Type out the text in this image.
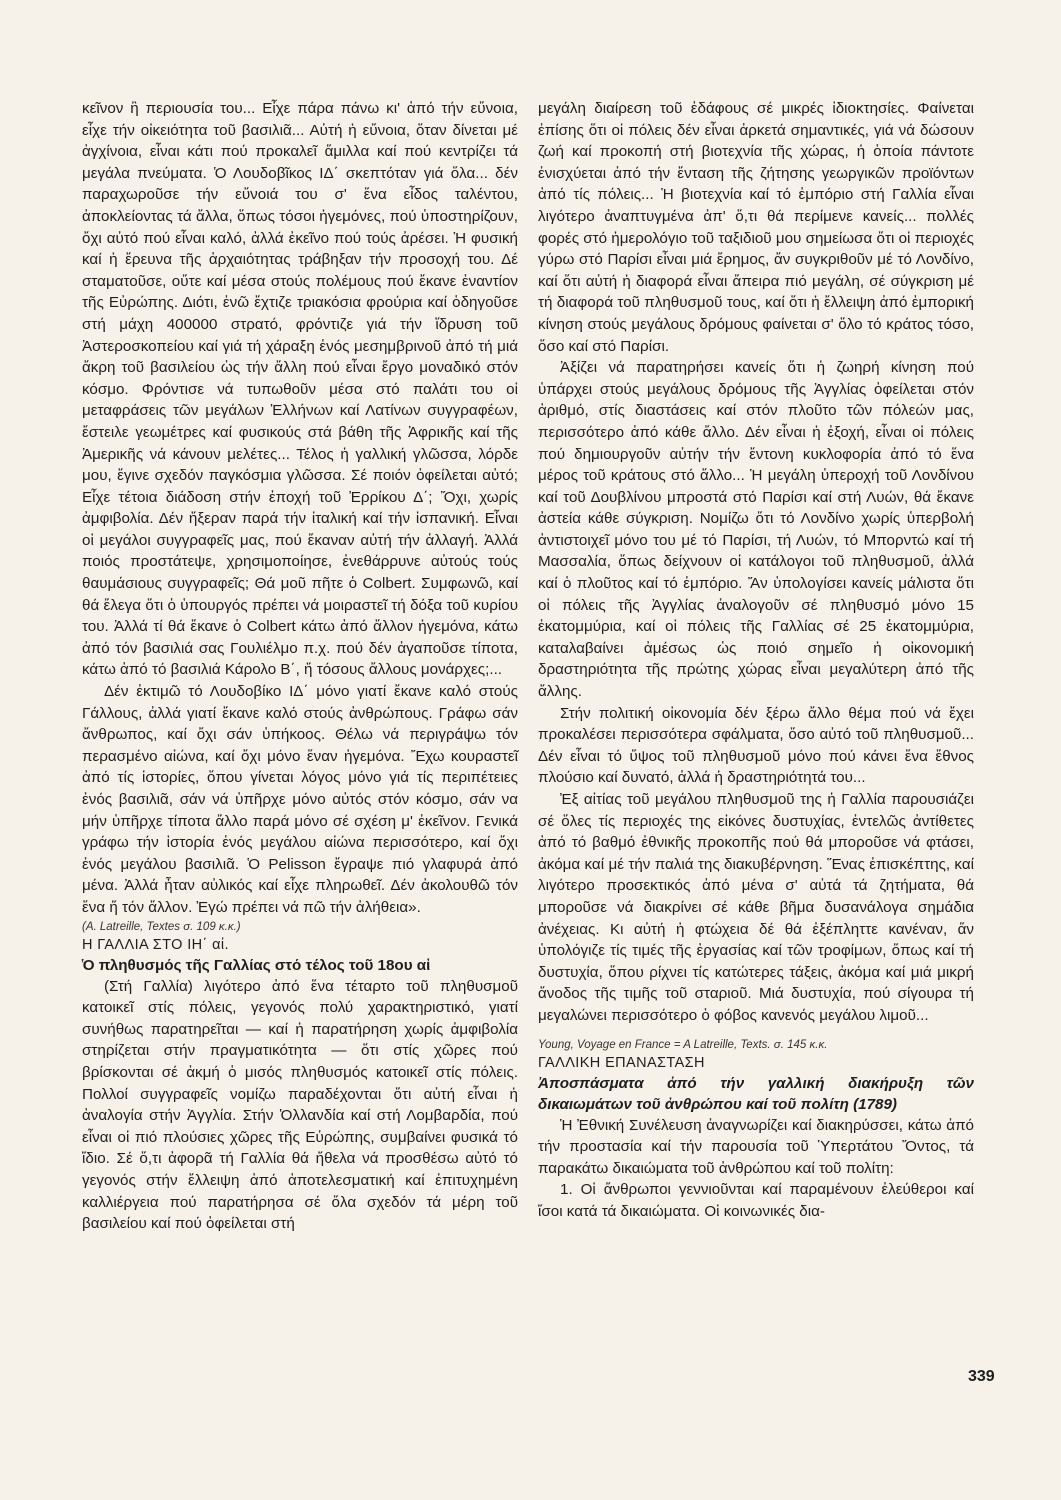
κεῖνον ἢ περιουσία του... Εἶχε πάρα πάνω κι' ἀπό τήν εὔνοια, εἶχε τήν οἰκειότητα τοῦ βασιλιᾶ... Αὐτή ἡ εὔνοια, ὅταν δίνεται μέ ἀγχίνοια, εἶναι κάτι πού προκαλεῖ ἅμιλλα καί πού κεντρίζει τά μεγάλα πνεύματα. Ὁ Λουδοβῖκος ΙΔ΄ σκεπτόταν γιά ὅλα... δέν παραχωροῦσε τήν εὔνοιά του σ' ἕνα εἶδος ταλέντου, ἀποκλείοντας τά ἄλλα, ὅπως τόσοι ἡγεμόνες, πού ὑποστηρίζουν, ὄχι αὐτό πού εἶναι καλό, ἀλλά ἐκεῖνο πού τούς ἀρέσει. Ἡ φυσική καί ἡ ἔρευνα τῆς ἀρχαιότητας τράβηξαν τήν προσοχή του. Δέ σταματοῦσε, οὔτε καί μέσα στούς πολέμους πού ἔκανε ἐναντίον τῆς Εὐρώπης. Διότι, ἐνῶ ἔχτιζε τριακόσια φρούρια καί ὁδηγοῦσε στή μάχη 400000 στρατό, φρόντιζε γιά τήν ἵδρυση τοῦ Ἀστεροσκοπείου καί γιά τή χάραξη ἑνός μεσημβρινοῦ ἀπό τή μιά ἄκρη τοῦ βασιλείου ὡς τήν ἄλλη πού εἶναι ἔργο μοναδικό στόν κόσμο. Φρόντισε νά τυπωθοῦν μέσα στό παλάτι του οἱ μεταφράσεις τῶν μεγάλων Ἑλλήνων καί Λατίνων συγγραφέων, ἔστειλε γεωμέτρες καί φυσικούς στά βάθη τῆς Ἀφρικῆς καί τῆς Ἀμερικῆς νά κάνουν μελέτες... Τέλος ἡ γαλλική γλῶσσα, λόρδε μου, ἔγινε σχεδόν παγκόσμια γλῶσσα. Σέ ποιόν ὀφείλεται αὐτό; Εἶχε τέτοια διάδοση στήν ἐποχή τοῦ Ἐρρίκου Δ΄; Ὄχι, χωρίς ἀμφιβολία. Δέν ἤξεραν παρά τήν ἰταλική καί τήν ἱσπανική. Εἶναι οἱ μεγάλοι συγγραφεῖς μας, πού ἔκαναν αὐτή τήν ἀλλαγή. Ἀλλά ποιός προστάτεψε, χρησιμοποίησε, ἐνεθάρρυνε αὐτούς τούς θαυμάσιους συγγραφεῖς; Θά μοῦ πῆτε ὁ Colbert. Συμφωνῶ, καί θά ἔλεγα ὅτι ὁ ὑπουργός πρέπει νά μοιραστεῖ τή δόξα τοῦ κυρίου του. Ἀλλά τί θά ἔκανε ὁ Colbert κάτω ἀπό ἄλλον ἡγεμόνα, κάτω ἀπό τόν βασιλιά σας Γουλιέλμο π.χ. πού δέν ἀγαποῦσε τίποτα, κάτω ἀπό τό βασιλιά Κάρολο Β΄, ἤ τόσους ἄλλους μονάρχες;...

Δέν ἐκτιμῶ τό Λουδοβίκο ΙΔ΄ μόνο γιατί ἔκανε καλό στούς Γάλλους, ἀλλά γιατί ἔκανε καλό στούς ἀνθρώπους. Γράφω σάν ἄνθρωπος, καί ὄχι σάν ὑπήκοος. Θέλω νά περιγράψω τόν περασμένο αἰώνα, καί ὄχι μόνο ἕναν ἡγεμόνα. Ἔχω κουραστεῖ ἀπό τίς ἱστορίες, ὅπου γίνεται λόγος μόνο γιά τίς περιπέτειες ἑνός βασιλιᾶ, σάν νά ὑπῆρχε μόνο αὐτός στόν κόσμο, σάν να μήν ὑπῆρχε τίποτα ἄλλο παρά μόνο σέ σχέση μ' ἐκεῖνον. Γενικά γράφω τήν ἱστορία ἑνός μεγάλου αἰώνα περισσότερο, καί ὄχι ἑνός μεγάλου βασιλιᾶ. Ὁ Pelisson ἔγραψε πιό γλαφυρά ἀπό μένα. Ἀλλά ἦταν αὐλικός καί εἶχε πληρωθεῖ. Δέν ἀκολουθῶ τόν ἕνα ἤ τόν ἄλλον. Ἐγώ πρέπει νά πῶ τήν ἀλήθεια».

(A. Latreille, Textes σ. 109 κ.κ.)

Η ΓΑΛΛΙΑ ΣΤΟ ΙΗ΄ αἰ.

Ὁ πληθυσμός τῆς Γαλλίας στό τέλος τοῦ 18ου αἰ

(Στή Γαλλία) λιγότερο ἀπό ἕνα τέταρτο τοῦ πληθυσμοῦ κατοικεῖ στίς πόλεις, γεγονός πολύ χαρακτηριστικό, γιατί συνήθως παρατηρεῖται — καί ἡ παρατήρηση χωρίς ἀμφιβολία στηρίζεται στήν πραγματικότητα — ὅτι στίς χῶρες πού βρίσκονται σέ ἀκμή ὁ μισός πληθυσμός κατοικεῖ στίς πόλεις. Πολλοί συγγραφεῖς νομίζω παραδέχονται ὅτι αὐτή εἶναι ἡ ἀναλογία στήν Ἀγγλία. Στήν Ὁλλανδία καί στή Λομβαρδία, πού εἶναι οἱ πιό πλούσιες χῶρες τῆς Εὐρώπης, συμβαίνει φυσικά τό ἴδιο. Σέ ὅ,τι ἀφορᾶ τή Γαλλία θά ἤθελα νά προσθέσω αὐτό τό γεγονός στήν ἔλλειψη ἀπό ἀποτελεσματική καί ἐπιτυχημένη καλλιέργεια πού παρατήρησα σέ ὅλα σχεδόν τά μέρη τοῦ βασιλείου καί πού ὀφείλεται στή

μεγάλη διαίρεση τοῦ ἐδάφους σέ μικρές ἰδιοκτησίες. Φαίνεται ἐπίσης ὅτι οἱ πόλεις δέν εἶναι ἀρκετά σημαντικές, γιά νά δώσουν ζωή καί προκοπή στή βιοτεχνία τῆς χώρας, ἡ ὁποία πάντοτε ἐνισχύεται ἀπό τήν ἔνταση τῆς ζήτησης γεωργικῶν προϊόντων ἀπό τίς πόλεις... Ἡ βιοτεχνία καί τό ἐμπόριο στή Γαλλία εἶναι λιγότερο ἀναπτυγμένα ἀπ' ὅ,τι θά περίμενε κανείς... πολλές φορές στό ἡμερολόγιο τοῦ ταξιδιοῦ μου σημείωσα ὅτι οἱ περιοχές γύρω στό Παρίσι εἶναι μιά ἔρημος, ἄν συγκριθοῦν μέ τό Λονδίνο, καί ὅτι αὐτή ἡ διαφορά εἶναι ἄπειρα πιό μεγάλη, σέ σύγκριση μέ τή διαφορά τοῦ πληθυσμοῦ τους, καί ὅτι ἡ ἔλλειψη ἀπό ἐμπορική κίνηση στούς μεγάλους δρόμους φαίνεται σ' ὅλο τό κράτος τόσο, ὅσο καί στό Παρίσι.

Ἀξίζει νά παρατηρήσει κανείς ὅτι ἡ ζωηρή κίνηση πού ὑπάρχει στούς μεγάλους δρόμους τῆς Ἀγγλίας ὀφείλεται στόν ἀριθμό, στίς διαστάσεις καί στόν πλοῦτο τῶν πόλεών μας, περισσότερο ἀπό κάθε ἄλλο. Δέν εἶναι ἡ ἐξοχή, εἶναι οἱ πόλεις πού δημιουργοῦν αὐτήν τήν ἔντονη κυκλοφορία ἀπό τό ἕνα μέρος τοῦ κράτους στό ἄλλο... Ἡ μεγάλη ὑπεροχή τοῦ Λονδίνου καί τοῦ Δουβλίνου μπροστά στό Παρίσι καί στή Λυών, θά ἔκανε ἀστεία κάθε σύγκριση. Νομίζω ὅτι τό Λονδίνο χωρίς ὑπερβολή ἀντιστοιχεῖ μόνο του μέ τό Παρίσι, τή Λυών, τό Μπορντώ καί τή Μασσαλία, ὅπως δείχνουν οἱ κατάλογοι τοῦ πληθυσμοῦ, ἀλλά καί ὁ πλοῦτος καί τό ἐμπόριο. Ἄν ὑπολογίσει κανείς μάλιστα ὅτι οἱ πόλεις τῆς Ἀγγλίας ἀναλογοῦν σέ πληθυσμό μόνο 15 ἑκατομμύρια, καί οἱ πόλεις τῆς Γαλλίας σέ 25 ἑκατομμύρια, καταλαβαίνει ἀμέσως ὡς ποιό σημεῖο ἡ οἰκονομική δραστηριότητα τῆς πρώτης χώρας εἶναι μεγαλύτερη ἀπό τῆς ἄλλης.

Στήν πολιτική οἰκονομία δέν ξέρω ἄλλο θέμα πού νά ἔχει προκαλέσει περισσότερα σφάλματα, ὅσο αὐτό τοῦ πληθυσμοῦ... Δέν εἶναι τό ὕψος τοῦ πληθυσμοῦ μόνο πού κάνει ἕνα ἔθνος πλούσιο καί δυνατό, ἀλλά ἡ δραστηριότητά του...

Ἐξ αἰτίας τοῦ μεγάλου πληθυσμοῦ της ἡ Γαλλία παρουσιάζει σέ ὅλες τίς περιοχές της εἰκόνες δυστυχίας, ἐντελῶς ἀντίθετες ἀπό τό βαθμό ἐθνικῆς προκοπῆς πού θά μποροῦσε νά φτάσει, ἀκόμα καί μέ τήν παλιά της διακυβέρνηση. Ἕνας ἐπισκέπτης, καί λιγότερο προσεκτικός ἀπό μένα σ' αὐτά τά ζητήματα, θά μποροῦσε νά διακρίνει σέ κάθε βῆμα δυσανάλογα σημάδια ἀνέχειας. Κι αὐτή ἡ φτώχεια δέ θά ἐξέπληττε κανέναν, ἄν ὑπολόγιζε τίς τιμές τῆς ἐργασίας καί τῶν τροφίμων, ὅπως καί τή δυστυχία, ὅπου ρίχνει τίς κατώτερες τάξεις, ἀκόμα καί μιά μικρή ἄνοδος τῆς τιμῆς τοῦ σταριοῦ. Μιά δυστυχία, πού σίγουρα τή μεγαλώνει περισσότερο ὁ φόβος κανενός μεγάλου λιμοῦ...

Young, Voyage en France = A Latreille, Texts. σ. 145 κ.κ.

ΓΑΛΛΙΚΗ ΕΠΑΝΑΣΤΑΣΗ

Ἀποσπάσματα ἀπό τήν γαλλική διακήρυξη τῶν δικαιωμάτων τοῦ ἀνθρώπου καί τοῦ πολίτη (1789)

Ἡ Ἐθνική Συνέλευση ἀναγνωρίζει καί διακηρύσσει, κάτω ἀπό τήν προστασία καί τήν παρουσία τοῦ Ὑπερτάτου Ὄντος, τά παρακάτω δικαιώματα τοῦ ἀνθρώπου καί τοῦ πολίτη:

1. Οἱ ἄνθρωποι γεννιοῦνται καί παραμένουν ἐλεύθεροι καί ἴσοι κατά τά δικαιώματα. Οἱ κοινωνικές δια-

339
